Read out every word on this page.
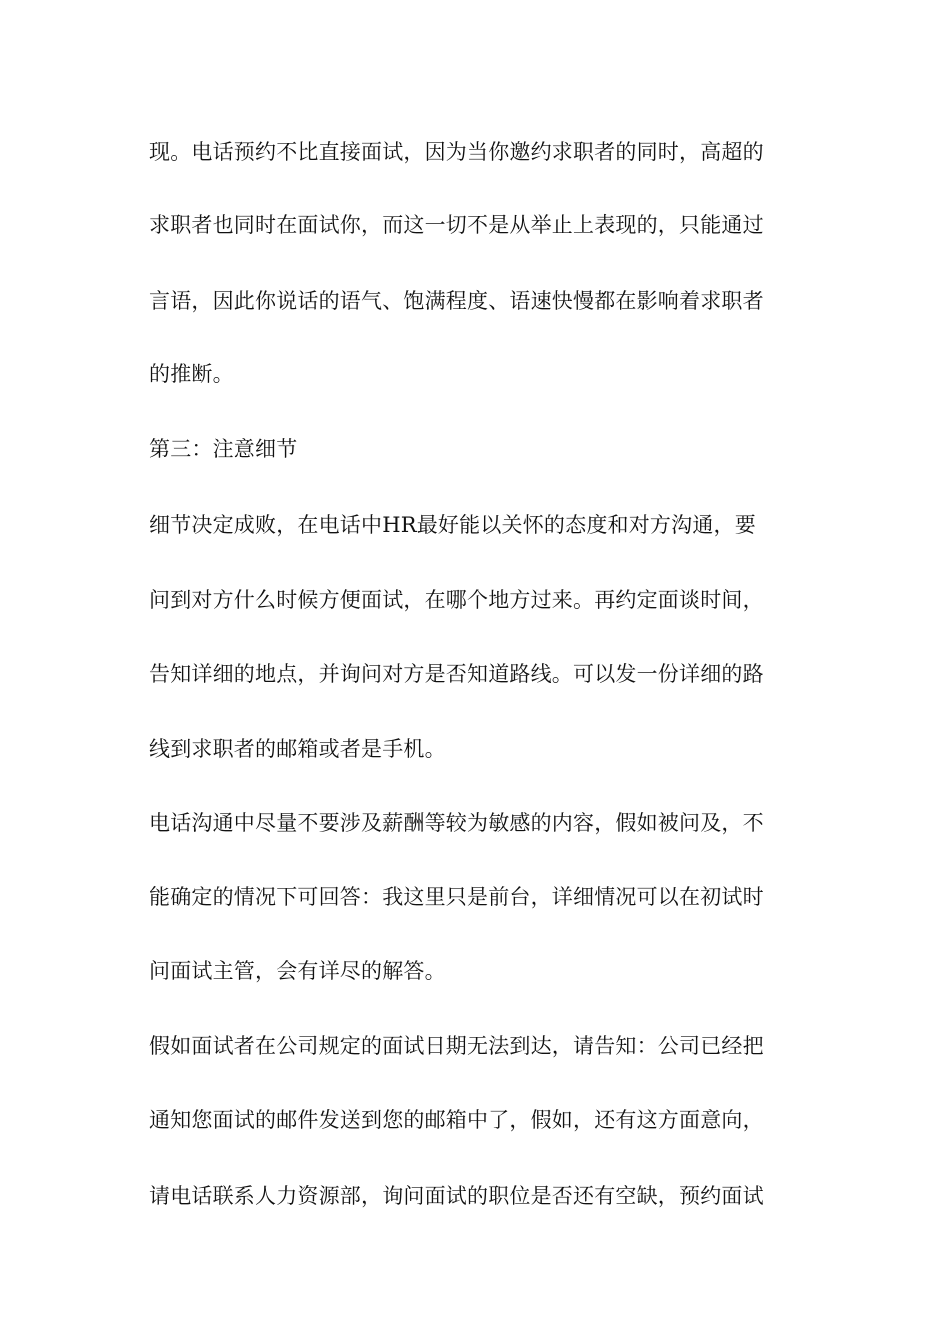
现。电话预约不比直接面试，因为当你邀约求职者的同时，高超的
求职者也同时在面试你，而这一切不是从举止上表现的，只能通过
言语，因此你说话的语气、饱满程度、语速快慢都在影响着求职者
的推断。
第三：注意细节
细节决定成败，在电话中HR最好能以关怀的态度和对方沟通，要
问到对方什么时候方便面试，在哪个地方过来。再约定面谈时间，
告知详细的地点，并询问对方是否知道路线。可以发一份详细的路
线到求职者的邮箱或者是手机。
电话沟通中尽量不要涉及薪酬等较为敏感的内容，假如被问及，不
能确定的情况下可回答：我这里只是前台，详细情况可以在初试时
问面试主管，会有详尽的解答。
假如面试者在公司规定的面试日期无法到达，请告知：公司已经把
通知您面试的邮件发送到您的邮箱中了，假如，还有这方面意向，
请电话联系人力资源部，询问面试的职位是否还有空缺，预约面试
